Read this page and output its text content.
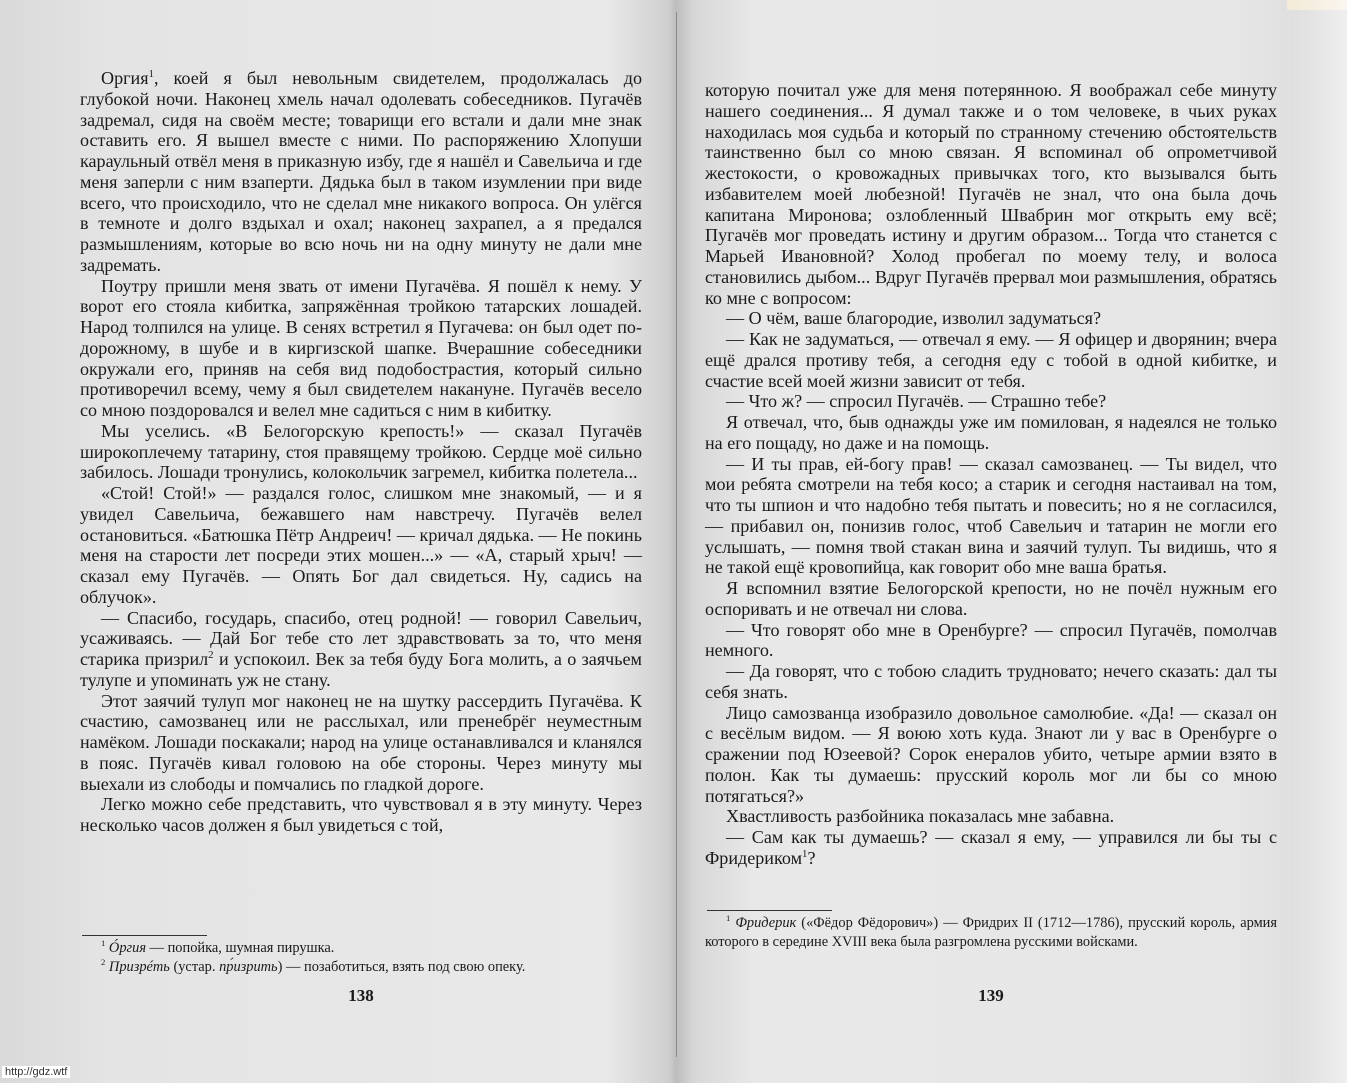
Оргия$^1$, коей я был невольным свидетелем, продолжалась до глубокой ночи. Наконец хмель начал одолевать собеседников. Пугачёв задремал, сидя на своём месте; товарищи его встали и дали мне знак оставить его. Я вышел вместе с ними. По распоряжению Хлопуши караульный отвёл меня в приказную избу, где я нашёл и Савельича и где меня заперли с ним взаперти. Дядька был в таком изумлении при виде всего, что происходило, что не сделал мне никакого вопроса. Он улёгся в темноте и долго вздыхал и охал; наконец захрапел, а я предался размышлениям, которые во всю ночь ни на одну минуту не дали мне задремать.

Поутру пришли меня звать от имени Пугачёва. Я пошёл к нему. У ворот его стояла кибитка, запряжённая тройкою татарских лошадей. Народ толпился на улице. В сенях встретил я Пугачева: он был одет по-дорожному, в шубе и в киргизской шапке. Вчерашние собеседники окружали его, приняв на себя вид подобострастия, который сильно противоречил всему, чему я был свидетелем накануне. Пугачёв весело со мною поздоровался и велел мне садиться с ним в кибитку.

Мы уселись. «В Белогорскую крепость!» — сказал Пугачёв широкоплечему татарину, стоя правящему тройкою. Сердце моё сильно забилось. Лошади тронулись, колокольчик загремел, кибитка полетела...

«Стой! Стой!» — раздался голос, слишком мне знакомый, — и я увидел Савельича, бежавшего нам навстречу. Пугачёв велел остановиться. «Батюшка Пётр Андреич! — кричал дядька. — Не покинь меня на старости лет посреди этих мошен...» — «А, старый хрыч! — сказал ему Пугачёв. — Опять Бог дал свидеться. Ну, садись на облучок».

— Спасибо, государь, спасибо, отец родной! — говорил Савельич, усаживаясь. — Дай Бог тебе сто лет здравствовать за то, что меня старика призрил$^2$ и успокоил. Век за тебя буду Бога молить, а о заячьем тулупе и упоминать уж не стану.

Этот заячий тулуп мог наконец не на шутку рассердить Пугачёва. К счастию, самозванец или не расслыхал, или пренебрёг неуместным намёком. Лошади поскакали; народ на улице останавливался и кланялся в пояс. Пугачёв кивал головою на обе стороны. Через минуту мы выехали из слободы и помчались по гладкой дороге.

Легко можно себе представить, что чувствовал я в эту минуту. Через несколько часов должен я был увидеться с той,

$^1$ Óргия — попойка, шумная пирушка.

$^2$ Призрéть (устар. пр́изрить) — позаботиться, взять под свою опеку.

138

которую почитал уже для меня потерянною. Я воображал себе минуту нашего соединения... Я думал также и о том человеке, в чьих руках находилась моя судьба и который по странному стечению обстоятельств таинственно был со мною связан. Я вспоминал об опрометчивой жестокости, о кровожадных привычках того, кто вызывался быть избавителем моей любезной! Пугачёв не знал, что она была дочь капитана Миронова; озлобленный Швабрин мог открыть ему всё; Пугачёв мог проведать истину и другим образом... Тогда что станется с Марьей Ивановной? Холод пробегал по моему телу, и волоса становились дыбом... Вдруг Пугачёв прервал мои размышления, обратясь ко мне с вопросом:

— О чём, ваше благородие, изволил задуматься?

— Как не задуматься, — отвечал я ему. — Я офицер и дворянин; вчера ещё дрался противу тебя, а сегодня еду с тобой в одной кибитке, и счастие всей моей жизни зависит от тебя.

— Что ж? — спросил Пугачёв. — Страшно тебе?

Я отвечал, что, быв однажды уже им помилован, я надеялся не только на его пощаду, но даже и на помощь.

— И ты прав, ей-богу прав! — сказал самозванец. — Ты видел, что мои ребята смотрели на тебя косо; а старик и сегодня настаивал на том, что ты шпион и что надобно тебя пытать и повесить; но я не согласился, — прибавил он, понизив голос, чтоб Савельич и татарин не могли его услышать, — помня твой стакан вина и заячий тулуп. Ты видишь, что я не такой ещё кровопийца, как говорит обо мне ваша братья.

Я вспомнил взятие Белогорской крепости, но не почёл нужным его оспоривать и не отвечал ни слова.

— Что говорят обо мне в Оренбурге? — спросил Пугачёв, помолчав немного.

— Да говорят, что с тобою сладить трудновато; нечего сказать: дал ты себя знать.

Лицо самозванца изобразило довольное самолюбие. «Да! — сказал он с весёлым видом. — Я воюю хоть куда. Знают ли у вас в Оренбурге о сражении под Юзеевой? Сорок енералов убито, четыре армии взято в полон. Как ты думаешь: прусский король мог ли бы со мною потягаться?»

Хвастливость разбойника показалась мне забавна.

— Сам как ты думаешь? — сказал я ему, — управился ли бы ты с Фридериком$^1$?

$^1$ Фридерик («Фёдор Фёдорович») — Фридрих II (1712—1786), прусский король, армия которого в середине XVIII века была разгромлена русскими войсками.

139
http://gdz.wtf
